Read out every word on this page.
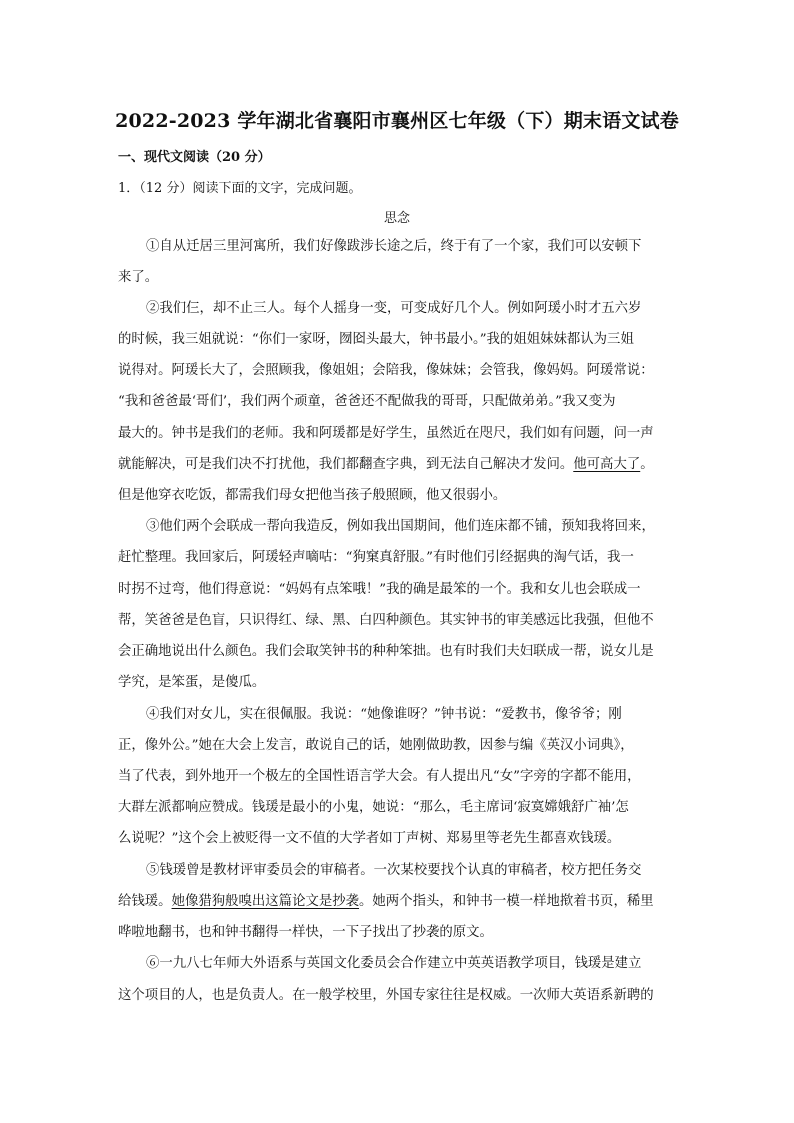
2022-2023 学年湖北省襄阳市襄州区七年级（下）期末语文试卷
一、现代文阅读（20 分）
1．（12 分）阅读下面的文字，完成问题。
思念
①自从迁居三里河寓所，我们好像跋涉长途之后，终于有了一个家，我们可以安顿下
来了。
②我们仨，却不止三人。每个人摇身一变，可变成好几个人。例如阿瑗小时才五六岁
的时候，我三姐就说：“你们一家呀，囫囵头最大，钟书最小。”我的姐姐妹妹都认为三姐
说得对。阿瑗长大了，会照顾我，像姐姐；会陪我，像妹妹；会管我，像妈妈。阿瑗常说：
“我和爸爸最‘哥们’，我们两个顽童，爸爸还不配做我的哥哥，只配做弟弟。”我又变为
最大的。钟书是我们的老师。我和阿瑗都是好学生，虽然近在咫尺，我们如有问题，问一声
就能解决，可是我们决不打扰他，我们都翻查字典，到无法自己解决才发问。他可高大了。
但是他穿衣吃饭，都需我们母女把他当孩子般照顾，他又很弱小。
③他们两个会联成一帮向我造反，例如我出国期间，他们连床都不铺，预知我将回来，
赶忙整理。我回家后，阿瑗轻声嘀咕：“狗窠真舒服。”有时他们引经据典的淘气话，我一
时拐不过弯，他们得意说：“妈妈有点笨哦！”我的确是最笨的一个。我和女儿也会联成一
帮，笑爸爸是色盲，只识得红、绿、黑、白四种颜色。其实钟书的审美感远比我强，但他不
会正确地说出什么颜色。我们会取笑钟书的种种笨拙。也有时我们夫妇联成一帮，说女儿是
学究，是笨蛋，是傻瓜。
④我们对女儿，实在很佩服。我说：“她像谁呀？”钟书说：“爱教书，像爷爷；刚
正，像外公。”她在大会上发言，敢说自己的话，她刚做助教，因参与编《英汉小词典》，
当了代表，到外地开一个极左的全国性语言学大会。有人提出凡“女”字旁的字都不能用，
大群左派都响应赞成。钱瑗是最小的小鬼，她说：“那么，毛主席词‘寂寞嫦娥舒广袖’怎
么说呢？”这个会上被贬得一文不值的大学者如丁声树、郑易里等老先生都喜欢钱瑗。
⑤钱瑗曾是教材评审委员会的审稿者。一次某校要找个认真的审稿者，校方把任务交
给钱瑗。她像猎狗般嗅出这篇论文是抄袭。她两个指头，和钟书一模一样地揿着书页，稀里
哗啦地翻书，也和钟书翻得一样快，一下子找出了抄袭的原文。
⑥一九八七年师大外语系与英国文化委员会合作建立中英英语教学项目，钱瑗是建立
这个项目的人，也是负责人。在一般学校里，外国专家往往是权威。一次师大英语系新聘的
